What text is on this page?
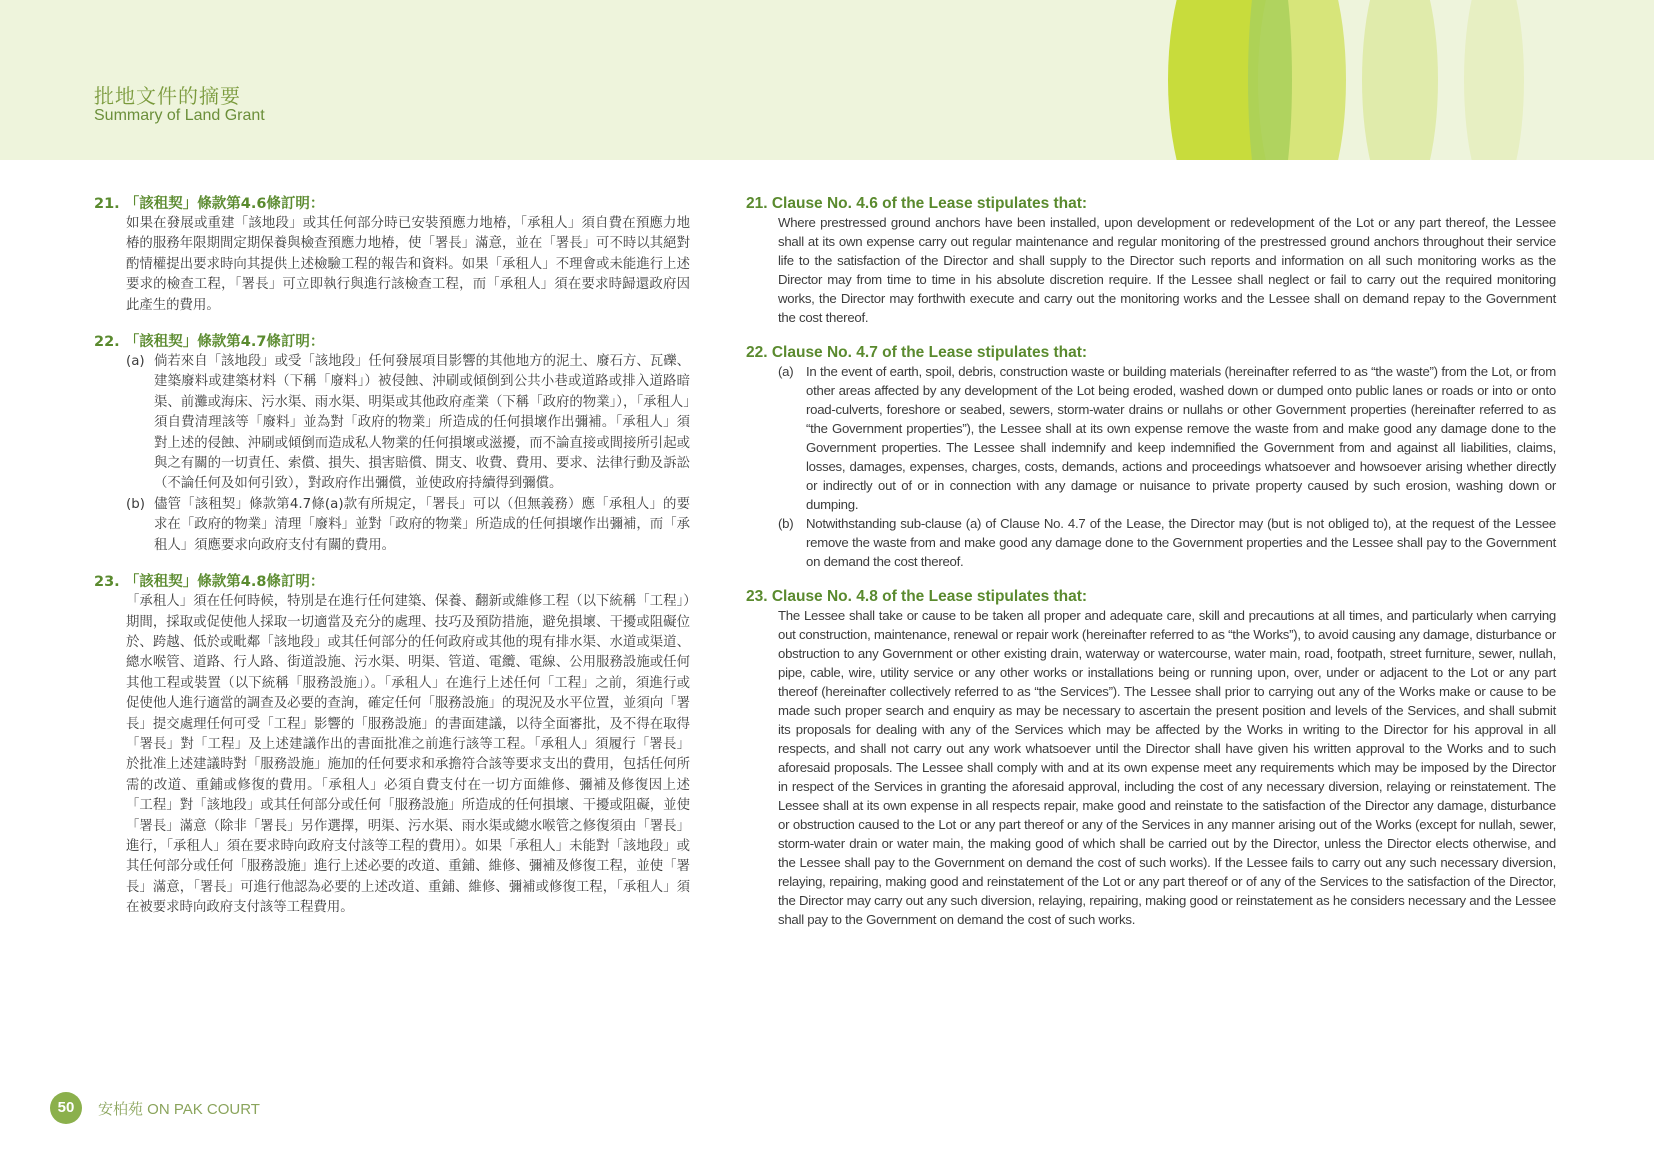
批地文件的摘要
Summary of Land Grant
21. 「該租契」條款第4.6條訂明：
如果在發展或重建「該地段」或其任何部分時已安裝預應力地椿，「承租人」須自費在預應力地椿的服務年限期間定期保養與檢查預應力地椿，使「署長」滿意，並在「署長」可不時以其絕對酌情權提出要求時向其提供上述檢驗工程的報告和資料。如果「承租人」不理會或未能進行上述要求的檢查工程，「署長」可立即執行與進行該檢查工程，而「承租人」須在要求時歸還政府因此產生的費用。
22. 「該租契」條款第4.7條訂明：
(a) 倘若來自「該地段」或受「該地段」任何發展項目影響的其他地方的泥土、廢石方、瓦礫、建築廢料或建築材料（下稱「廢料」）被侵蝕、沖刷或傾倒到公共小巷或道路或排入道路暗渠、前灘或海床、污水渠、雨水渠、明渠或其他政府產業（下稱「政府的物業」），「承租人」須自費清理該等「廢料」並為對「政府的物業」所造成的任何損壞作出彌補。「承租人」須對上述的侵蝕、沖刷或傾倒而造成私人物業的任何損壞或滋擾，而不論直接或間接所引起或與之有關的一切責任、索償、損失、損害賠償、開支、收費、費用、要求、法律行動及訴訟（不論任何及如何引致），對政府作出彌償，並使政府持續得到彌償。
(b) 儘管「該租契」條款第4.7條(a)款有所規定，「署長」可以（但無義務）應「承租人」的要求在「政府的物業」清理「廢料」並對「政府的物業」所造成的任何損壞作出彌補，而「承租人」須應要求向政府支付有關的費用。
23. 「該租契」條款第4.8條訂明：
「承租人」須在任何時候，特別是在進行任何建築、保養、翻新或維修工程（以下統稱「工程」）期間，採取或促使他人採取一切適當及充分的處理、技巧及預防措施，避免損壞、干擾或阻礙位於、跨越、低於或毗鄰「該地段」或其任何部分的任何政府或其他的現有排水渠、水道或渠道、總水喉管、道路、行人路、街道設施、污水渠、明渠、管道、電纜、電線、公用服務設施或任何其他工程或裝置（以下統稱「服務設施」）。「承租人」在進行上述任何「工程」之前，須進行或促使他人進行適當的調查及必要的查詢，確定任何「服務設施」的現況及水平位置，並須向「署長」提交處理任何可受「工程」影響的「服務設施」的書面建議，以待全面審批，及不得在取得「署長」對「工程」及上述建議作出的書面批准之前進行該等工程。「承租人」須履行「署長」於批准上述建議時對「服務設施」施加的任何要求和承擔符合該等要求支出的費用，包括任何所需的改道、重鋪或修復的費用。「承租人」必須自費支付在一切方面維修、彌補及修復因上述「工程」對「該地段」或其任何部分或任何「服務設施」所造成的任何損壞、干擾或阻礙，並使「署長」滿意（除非「署長」另作選擇，明渠、污水渠、雨水渠或總水喉管之修復須由「署長」進行，「承租人」須在要求時向政府支付該等工程的費用）。如果「承租人」未能對「該地段」或其任何部分或任何「服務設施」進行上述必要的改道、重鋪、維修、彌補及修復工程，並使「署長」滿意，「署長」可進行他認為必要的上述改道、重鋪、維修、彌補或修復工程，「承租人」須在被要求時向政府支付該等工程費用。
21. Clause No. 4.6 of the Lease stipulates that:
Where prestressed ground anchors have been installed, upon development or redevelopment of the Lot or any part thereof, the Lessee shall at its own expense carry out regular maintenance and regular monitoring of the prestressed ground anchors throughout their service life to the satisfaction of the Director and shall supply to the Director such reports and information on all such monitoring works as the Director may from time to time in his absolute discretion require. If the Lessee shall neglect or fail to carry out the required monitoring works, the Director may forthwith execute and carry out the monitoring works and the Lessee shall on demand repay to the Government the cost thereof.
22. Clause No. 4.7 of the Lease stipulates that:
(a) In the event of earth, spoil, debris, construction waste or building materials (hereinafter referred to as “the waste”) from the Lot, or from other areas affected by any development of the Lot being eroded, washed down or dumped onto public lanes or roads or into or onto road-culverts, foreshore or seabed, sewers, storm-water drains or nullahs or other Government properties (hereinafter referred to as “the Government properties”), the Lessee shall at its own expense remove the waste from and make good any damage done to the Government properties. The Lessee shall indemnify and keep indemnified the Government from and against all liabilities, claims, losses, damages, expenses, charges, costs, demands, actions and proceedings whatsoever and howsoever arising whether directly or indirectly out of or in connection with any damage or nuisance to private property caused by such erosion, washing down or dumping.
(b) Notwithstanding sub-clause (a) of Clause No. 4.7 of the Lease, the Director may (but is not obliged to), at the request of the Lessee remove the waste from and make good any damage done to the Government properties and the Lessee shall pay to the Government on demand the cost thereof.
23. Clause No. 4.8 of the Lease stipulates that:
The Lessee shall take or cause to be taken all proper and adequate care, skill and precautions at all times, and particularly when carrying out construction, maintenance, renewal or repair work (hereinafter referred to as “the Works”), to avoid causing any damage, disturbance or obstruction to any Government or other existing drain, waterway or watercourse, water main, road, footpath, street furniture, sewer, nullah, pipe, cable, wire, utility service or any other works or installations being or running upon, over, under or adjacent to the Lot or any part thereof (hereinafter collectively referred to as “the Services”). The Lessee shall prior to carrying out any of the Works make or cause to be made such proper search and enquiry as may be necessary to ascertain the present position and levels of the Services, and shall submit its proposals for dealing with any of the Services which may be affected by the Works in writing to the Director for his approval in all respects, and shall not carry out any work whatsoever until the Director shall have given his written approval to the Works and to such aforesaid proposals. The Lessee shall comply with and at its own expense meet any requirements which may be imposed by the Director in respect of the Services in granting the aforesaid approval, including the cost of any necessary diversion, relaying or reinstatement. The Lessee shall at its own expense in all respects repair, make good and reinstate to the satisfaction of the Director any damage, disturbance or obstruction caused to the Lot or any part thereof or any of the Services in any manner arising out of the Works (except for nullah, sewer, storm-water drain or water main, the making good of which shall be carried out by the Director, unless the Director elects otherwise, and the Lessee shall pay to the Government on demand the cost of such works). If the Lessee fails to carry out any such necessary diversion, relaying, repairing, making good and reinstatement of the Lot or any part thereof or of any of the Services to the satisfaction of the Director, the Director may carry out any such diversion, relaying, repairing, making good or reinstatement as he considers necessary and the Lessee shall pay to the Government on demand the cost of such works.
50	安柏苑 ON PAK COURT
